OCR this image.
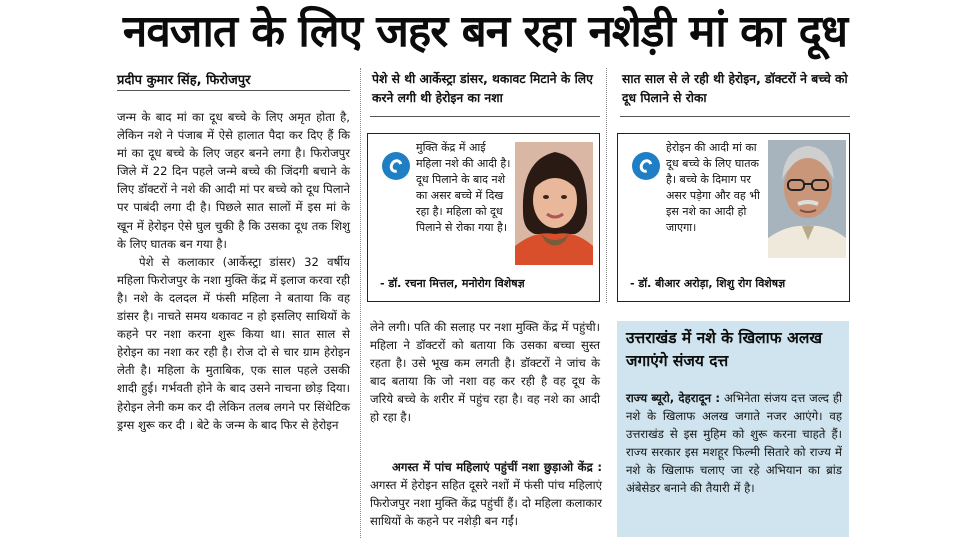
नवजात के लिए जहर बन रहा नशेड़ी मां का दूध
प्रदीप कुमार सिंह, फिरोजपुर

जन्म के बाद मां का दूध बच्चे के लिए अमृत होता है, लेकिन नशे ने पंजाब में ऐसे हालात पैदा कर दिए हैं कि मां का दूध बच्चे के लिए जहर बनने लगा है। फिरोजपुर जिले में 22 दिन पहले जन्मे बच्चे की जिंदगी बचाने के लिए डॉक्टरों ने नशे की आदी मां पर बच्चे को दूध पिलाने पर पाबंदी लगा दी है। पिछले सात सालों में इस मां के खून में हेरोइन ऐसे घुल चुकी है कि उसका दूध तक शिशु के लिए घातक बन गया है।

पेशे से कलाकार (आर्केस्ट्रा डांसर) 32 वर्षीय महिला फिरोजपुर के नशा मुक्ति केंद्र में इलाज करवा रही है। नशे के दलदल में फंसी महिला ने बताया कि वह डांसर है। नाचते समय थकावट न हो इसलिए साथियों के कहने पर नशा करना शुरू किया था। सात साल से हेरोइन का नशा कर रही है। रोज दो से चार ग्राम हेरोइन लेती है। महिला के मुताबिक, एक साल पहले उसकी शादी हुई। गर्भवती होने के बाद उसने नाचना छोड़ दिया। हेरोइन लेनी कम कर दी लेकिन तलब लगने पर सिंथेटिक ड्रग्स शुरू कर दी । बेटे के जन्म के बाद फिर से हेरोइन

पेशे से थी आर्केस्ट्रा डांसर, थकावट मिटाने के लिए करने लगी थी हेरोइन का नशा
सात साल से ले रही थी हेरोइन, डॉक्टरों ने बच्चे को दूध पिलाने से रोका
मुक्ति केंद्र में आई महिला नशे की आदी है। दूध पिलाने के बाद नशे का असर बच्चे में दिख रहा है। महिला को दूध पिलाने से रोका गया है।
- डॉ. रचना मित्तल, मनोरोग विशेषज्ञ
हेरोइन की आदी मां का दूध बच्चे के लिए घातक है। बच्चे के दिमाग पर असर पड़ेगा और वह भी इस नशे का आदी हो जाएगा।
- डॉ. बीआर अरोड़ा, शिशु रोग विशेषज्ञ

लेने लगी। पति की सलाह पर नशा मुक्ति केंद्र में पहुंची। महिला ने डॉक्टरों को बताया कि उसका बच्चा सुस्त रहता है। उसे भूख कम लगती है। डॉक्टरों ने जांच के बाद बताया कि जो नशा वह कर रही है वह दूध के जरिये बच्चे के शरीर में पहुंच रहा है। वह नशे का आदी हो रहा है।

अगस्त में पांच महिलाएं पहुंचीं नशा छुड़ाओ केंद्र : अगस्त में हेरोइन सहित दूसरे नशों में फंसी पांच महिलाएं फिरोजपुर नशा मुक्ति केंद्र पहुंचीं हैं। दो महिला कलाकार साथियों के कहने पर नशेड़ी बन गईं।
उत्तराखंड में नशे के खिलाफ अलख जगाएंगे संजय दत्त
राज्य ब्यूरो, देहरादून : अभिनेता संजय दत्त जल्द ही नशे के खिलाफ अलख जगाते नजर आएंगे। वह उत्तराखंड से इस मुहिम को शुरू करना चाहते हैं। राज्य सरकार इस मशहूर फिल्मी सितारे को राज्य में नशे के खिलाफ चलाए जा रहे अभियान का ब्रांड अंबेसेडर बनाने की तैयारी में है।
